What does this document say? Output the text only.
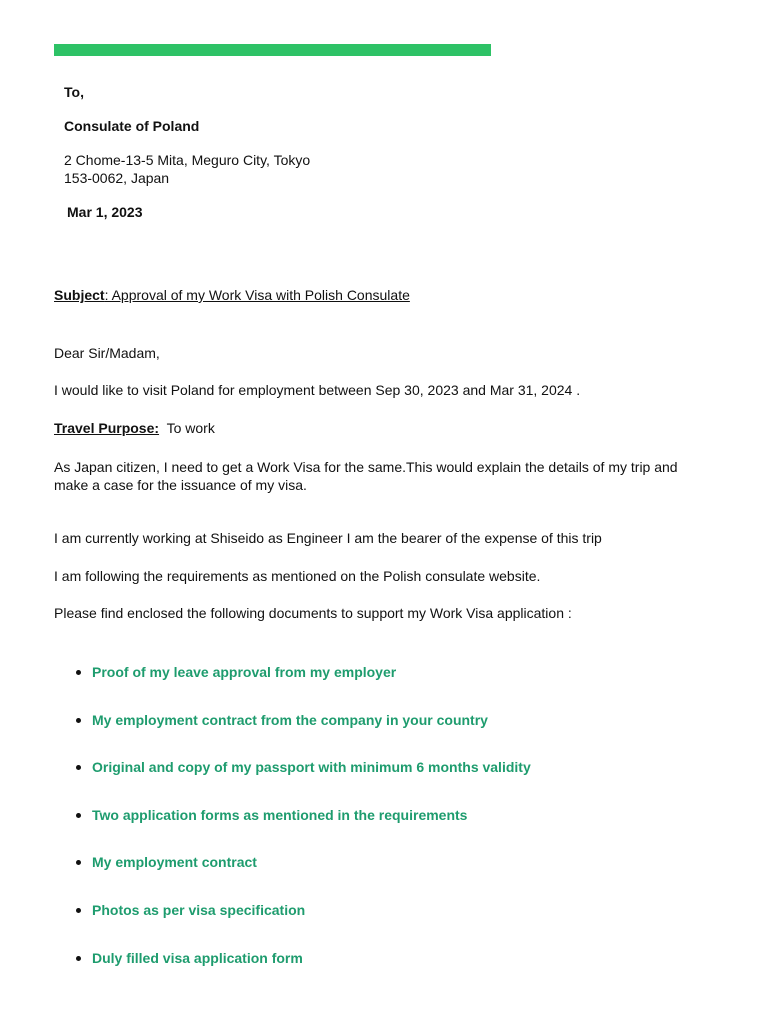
To,
Consulate of Poland
2 Chome-13-5 Mita, Meguro City, Tokyo
153-0062, Japan
Mar 1, 2023
Subject: Approval of my Work Visa with Polish Consulate
Dear Sir/Madam,
I would like to visit Poland for employment between Sep 30, 2023 and Mar 31, 2024 .
Travel Purpose: To work
As Japan citizen, I need to get a Work Visa for the same.This would explain the details of my trip and make a case for the issuance of my visa.
I am currently working at Shiseido as Engineer I am the bearer of the expense of this trip
I am following the requirements as mentioned on the Polish consulate website.
Please find enclosed the following documents to support my Work Visa application :
Proof of my leave approval from my employer
My employment contract from the company in your country
Original and copy of my passport with minimum 6 months validity
Two application forms as mentioned in the requirements
My employment contract
Photos as per visa specification
Duly filled visa application form
